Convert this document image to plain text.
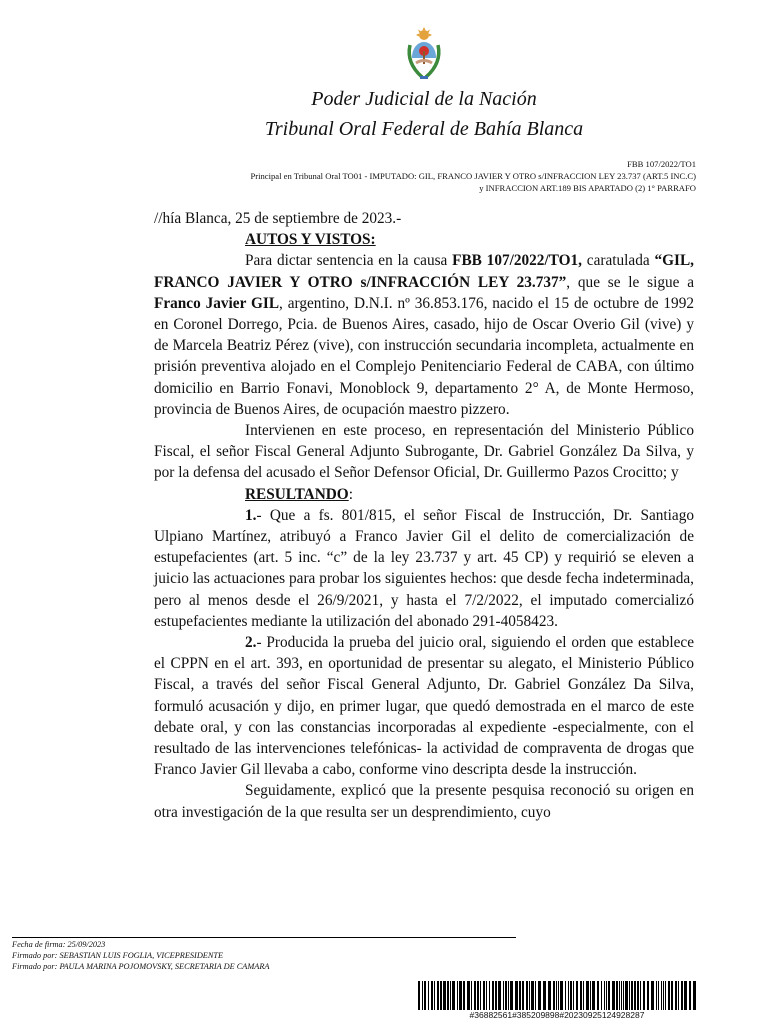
Poder Judicial de la Nación
Tribunal Oral Federal de Bahía Blanca
FBB 107/2022/TO1
Principal en Tribunal Oral TO01 - IMPUTADO: GIL, FRANCO JAVIER Y OTRO s/INFRACCION LEY 23.737 (ART.5 INC.C)
y INFRACCION ART.189 BIS APARTADO (2) 1° PARRAFO

//hía Blanca, 25 de septiembre de 2023.-

AUTOS Y VISTOS:

Para dictar sentencia en la causa FBB 107/2022/TO1, caratulada “GIL, FRANCO JAVIER Y OTRO s/INFRACCIÓN LEY 23.737”, que se le sigue a Franco Javier GIL, argentino, D.N.I. nº 36.853.176, nacido el 15 de octubre de 1992 en Coronel Dorrego, Pcia. de Buenos Aires, casado, hijo de Oscar Overio Gil (vive) y de Marcela Beatriz Pérez (vive), con instrucción secundaria incompleta, actualmente en prisión preventiva alojado en el Complejo Penitenciario Federal de CABA, con último domicilio en Barrio Fonavi, Monoblock 9, departamento 2° A, de Monte Hermoso, provincia de Buenos Aires, de ocupación maestro pizzero.

Intervienen en este proceso, en representación del Ministerio Público Fiscal, el señor Fiscal General Adjunto Subrogante, Dr. Gabriel González Da Silva, y por la defensa del acusado el Señor Defensor Oficial, Dr. Guillermo Pazos Crocitto; y

RESULTANDO:

1.- Que a fs. 801/815, el señor Fiscal de Instrucción, Dr. Santiago Ulpiano Martínez, atribuyó a Franco Javier Gil el delito de comercialización de estupefacientes (art. 5 inc. “c” de la ley 23.737 y art. 45 CP) y requirió se eleven a juicio las actuaciones para probar los siguientes hechos: que desde fecha indeterminada, pero al menos desde el 26/9/2021, y hasta el 7/2/2022, el imputado comercializó estupefacientes mediante la utilización del abonado 291-4058423.

2.- Producida la prueba del juicio oral, siguiendo el orden que establece el CPPN en el art. 393, en oportunidad de presentar su alegato, el Ministerio Público Fiscal, a través del señor Fiscal General Adjunto, Dr. Gabriel González Da Silva, formuló acusación y dijo, en primer lugar, que quedó demostrada en el marco de este debate oral, y con las constancias incorporadas al expediente -especialmente, con el resultado de las intervenciones telefónicas- la actividad de compraventa de drogas que Franco Javier Gil llevaba a cabo, conforme vino descripta desde la instrucción.

Seguidamente, explicó que la presente pesquisa reconoció su origen en otra investigación de la que resulta ser un desprendimiento, cuyo

Fecha de firma: 25/09/2023
Firmado por: SEBASTIAN LUIS FOGLIA, VICEPRESIDENTE
Firmado por: PAULA MARINA POJOMOVSKY, SECRETARIA DE CAMARA
#36882561#385209898#20230925124928287
